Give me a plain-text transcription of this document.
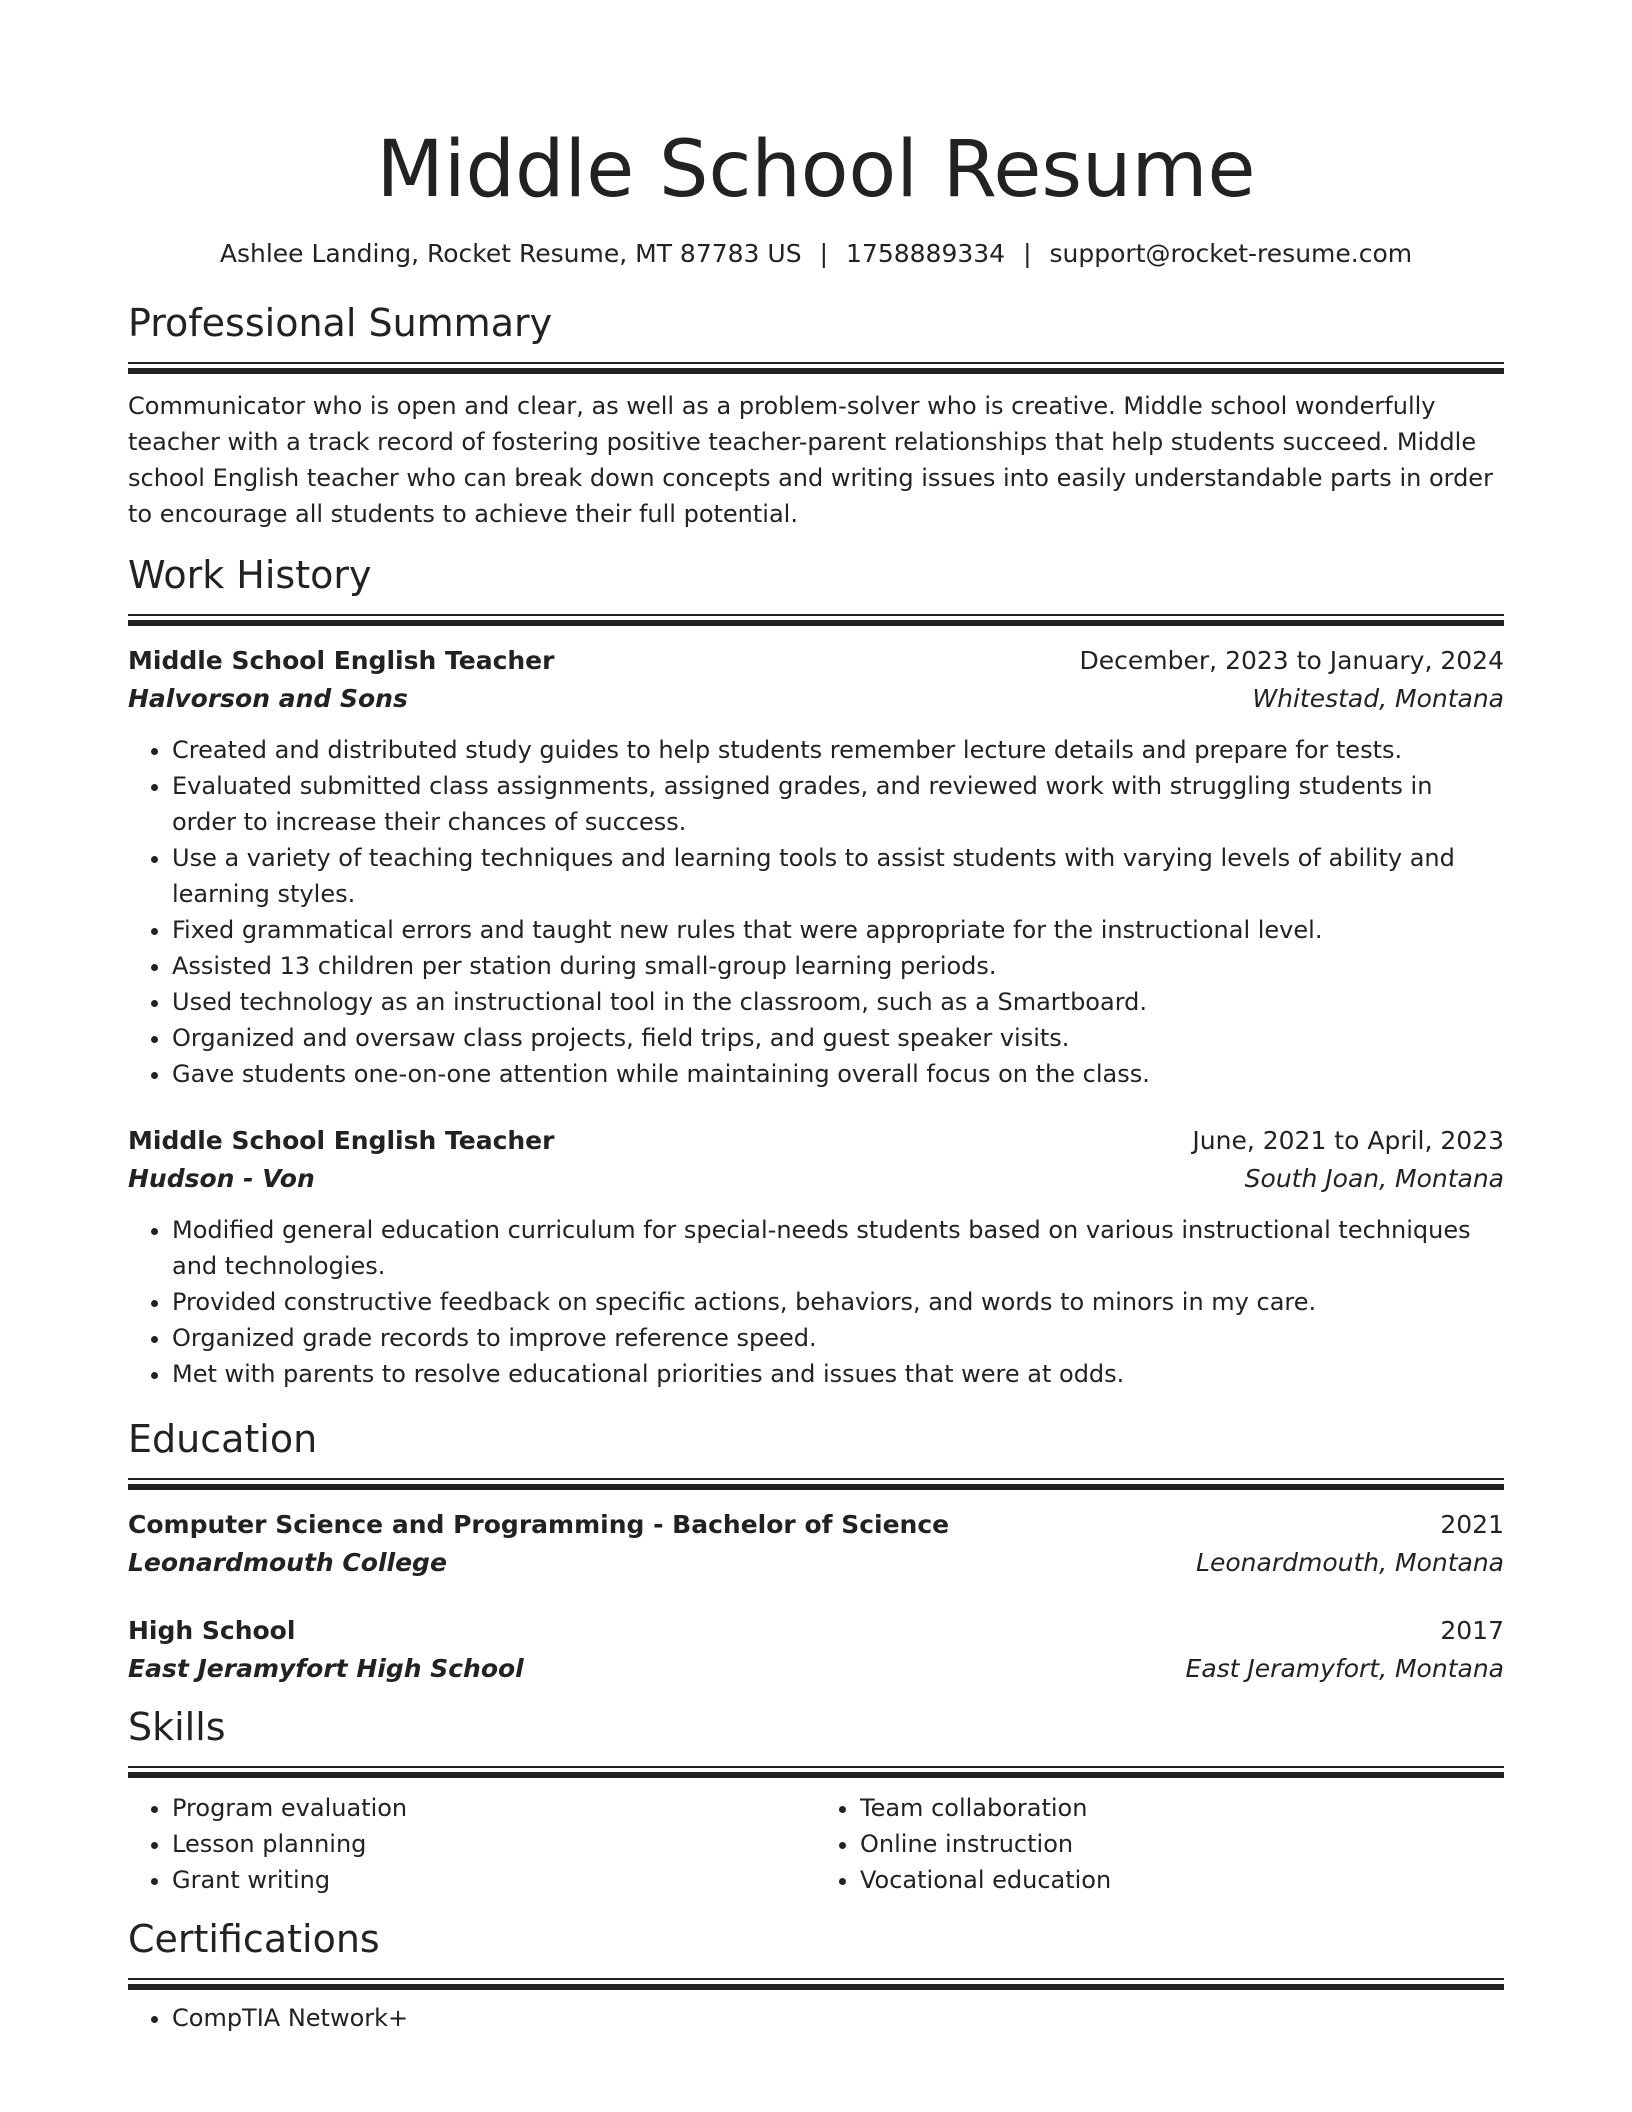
Middle School Resume
Ashlee Landing, Rocket Resume, MT 87783 US | 1758889334 | support@rocket-resume.com
Professional Summary
Communicator who is open and clear, as well as a problem-solver who is creative. Middle school wonderfully teacher with a track record of fostering positive teacher-parent relationships that help students succeed. Middle school English teacher who can break down concepts and writing issues into easily understandable parts in order to encourage all students to achieve their full potential.
Work History
Middle School English Teacher	December, 2023 to January, 2024
Halvorson and Sons	Whitestad, Montana
• Created and distributed study guides to help students remember lecture details and prepare for tests.
• Evaluated submitted class assignments, assigned grades, and reviewed work with struggling students in order to increase their chances of success.
• Use a variety of teaching techniques and learning tools to assist students with varying levels of ability and learning styles.
• Fixed grammatical errors and taught new rules that were appropriate for the instructional level.
• Assisted 13 children per station during small-group learning periods.
• Used technology as an instructional tool in the classroom, such as a Smartboard.
• Organized and oversaw class projects, field trips, and guest speaker visits.
• Gave students one-on-one attention while maintaining overall focus on the class.
Middle School English Teacher	June, 2021 to April, 2023
Hudson - Von	South Joan, Montana
• Modified general education curriculum for special-needs students based on various instructional techniques and technologies.
• Provided constructive feedback on specific actions, behaviors, and words to minors in my care.
• Organized grade records to improve reference speed.
• Met with parents to resolve educational priorities and issues that were at odds.
Education
Computer Science and Programming - Bachelor of Science	2021
Leonardmouth College	Leonardmouth, Montana
High School	2017
East Jeramyfort High School	East Jeramyfort, Montana
Skills
• Program evaluation
• Lesson planning
• Grant writing
• Team collaboration
• Online instruction
• Vocational education
Certifications
• CompTIA Network+
